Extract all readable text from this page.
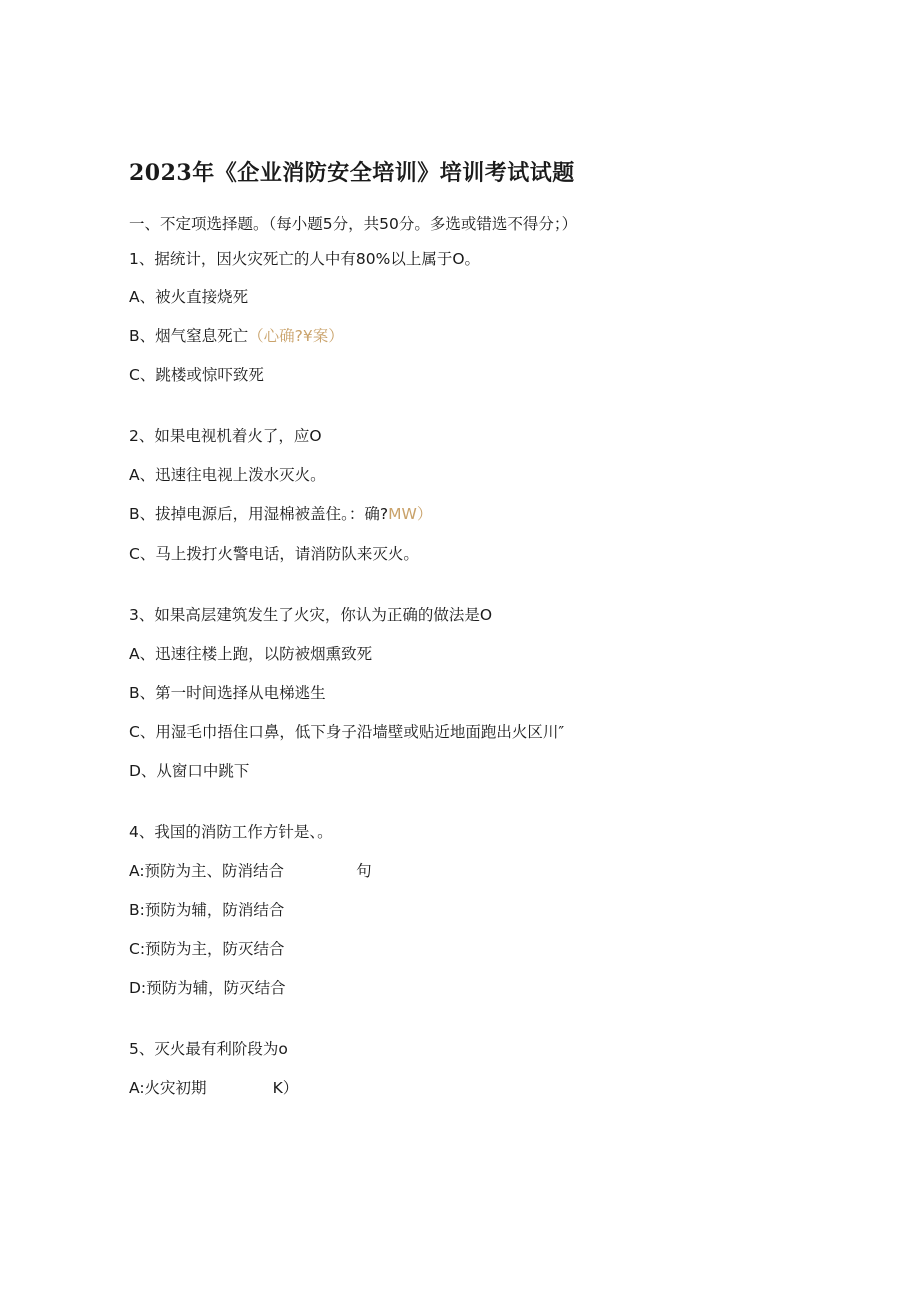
2023年《企业消防安全培训》培训考试试题
一、不定项选择题。（每小题5分，共50分。多选或错选不得分；）
1、据统计，因火灾死亡的人中有80%以上属于O。
A、被火直接烧死
B、烟气窒息死亡（心确?¥案）
C、跳楼或惊吓致死
2、如果电视机着火了，应O
A、迅速往电视上泼水灭火。
B、拔掉电源后，用湿棉被盖住。：确?MW）
C、马上拨打火警电话，请消防队来灭火。
3、如果高层建筑发生了火灾，你认为正确的做法是O
A、迅速往楼上跑，以防被烟熏致死
B、第一时间选择从电梯逃生
C、用湿毛巾捂住口鼻，低下身子沿墙壁或贴近地面跑出火区川″
D、从窗口中跳下
4、我国的消防工作方针是、。
A:预防为主、防消结合	句
B:预防为辅，防消结合
C:预防为主，防灭结合
D:预防为辅，防灭结合
5、灭火最有利阶段为o
A:火灾初期	K）
